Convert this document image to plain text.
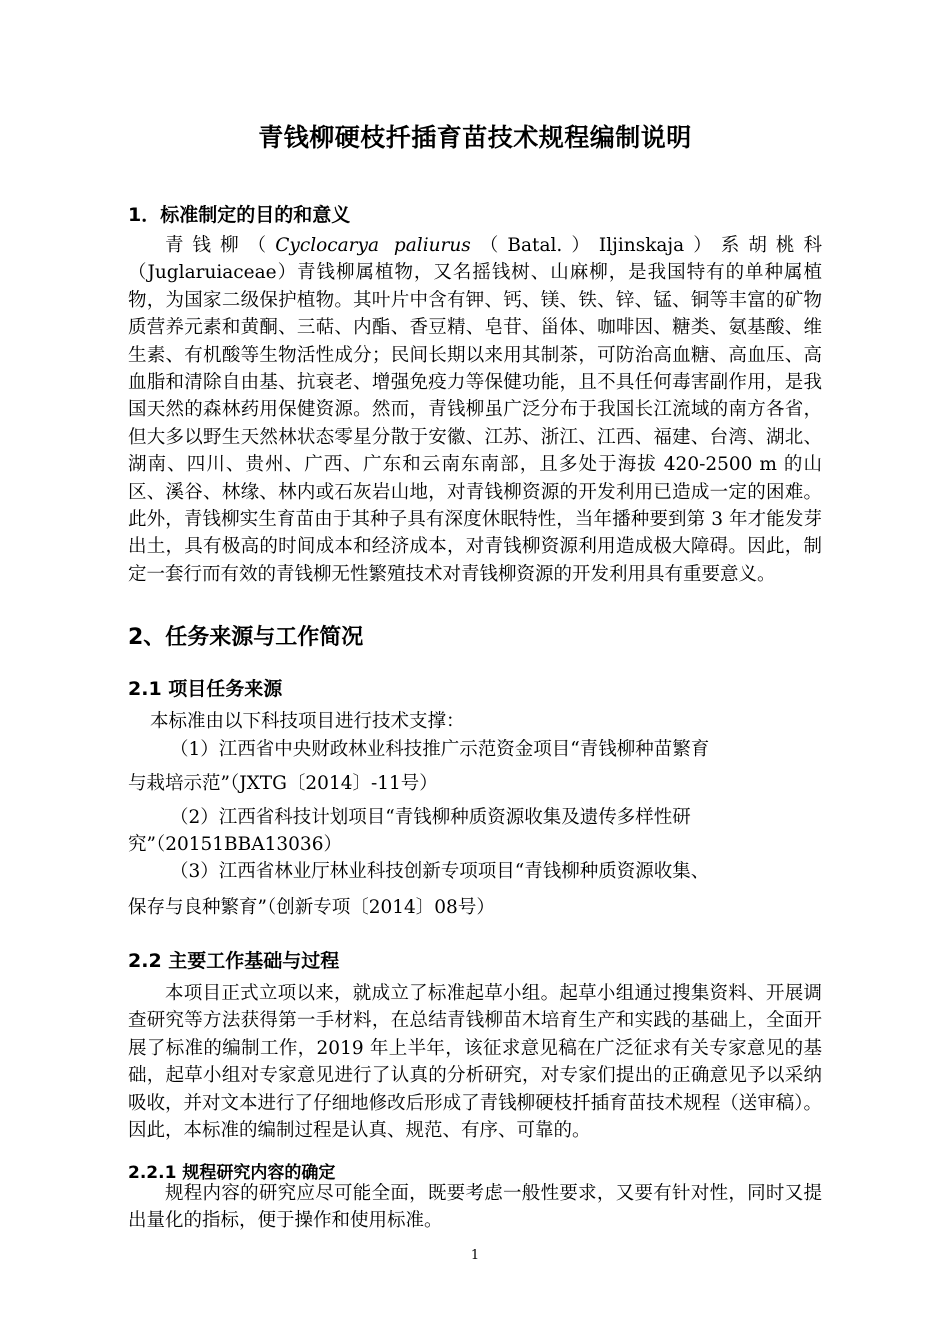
青钱柳硬枝扦插育苗技术规程编制说明
1．标准制定的目的和意义

青钱柳（Cyclocarya paliurus（Batal.）Iljinskaja）系胡桃科（Juglaruiaceae）青钱柳属植物，又名摇钱树、山麻柳，是我国特有的单种属植物，为国家二级保护植物。其叶片中含有钾、钙、镁、铁、锌、锰、铜等丰富的矿物质营养元素和黄酮、三萜、内酯、香豆精、皂苷、甾体、咖啡因、糖类、氨基酸、维生素、有机酸等生物活性成分；民间长期以来用其制茶，可防治高血糖、高血压、高血脂和清除自由基、抗衰老、增强免疫力等保健功能，且不具任何毒害副作用，是我国天然的森林药用保健资源。然而，青钱柳虽广泛分布于我国长江流域的南方各省，但大多以野生天然林状态零星分散于安徽、江苏、浙江、江西、福建、台湾、湖北、湖南、四川、贵州、广西、广东和云南东南部，且多处于海拔 420-2500 m 的山区、溪谷、林缘、林内或石灰岩山地，对青钱柳资源的开发利用已造成一定的困难。此外，青钱柳实生育苗由于其种子具有深度休眠特性，当年播种要到第 3 年才能发芽出土，具有极高的时间成本和经济成本，对青钱柳资源利用造成极大障碍。因此，制定一套行而有效的青钱柳无性繁殖技术对青钱柳资源的开发利用具有重要意义。

2、任务来源与工作简况
2.1 项目任务来源
本标准由以下科技项目进行技术支撑：
（1）江西省中央财政林业科技推广示范资金项目“青钱柳种苗繁育
与栽培示范”（JXTG〔2014〕-11号）
（2）江西省科技计划项目“青钱柳种质资源收集及遗传多样性研
究”（20151BBA13036）
（3）江西省林业厅林业科技创新专项项目“青钱柳种质资源收集、
保存与良种繁育”（创新专项〔2014〕08号）
2.2 主要工作基础与过程

本项目正式立项以来，就成立了标准起草小组。起草小组通过搜集资料、开展调查研究等方法获得第一手材料，在总结青钱柳苗木培育生产和实践的基础上，全面开展了标准的编制工作，2019 年上半年，该征求意见稿在广泛征求有关专家意见的基础，起草小组对专家意见进行了认真的分析研究，对专家们提出的正确意见予以采纳吸收，并对文本进行了仔细地修改后形成了青钱柳硬枝扦插育苗技术规程（送审稿）。因此，本标准的编制过程是认真、规范、有序、可靠的。

2.2.1 规程研究内容的确定

规程内容的研究应尽可能全面，既要考虑一般性要求，又要有针对性，同时又提出量化的指标，便于操作和使用标准。

1
